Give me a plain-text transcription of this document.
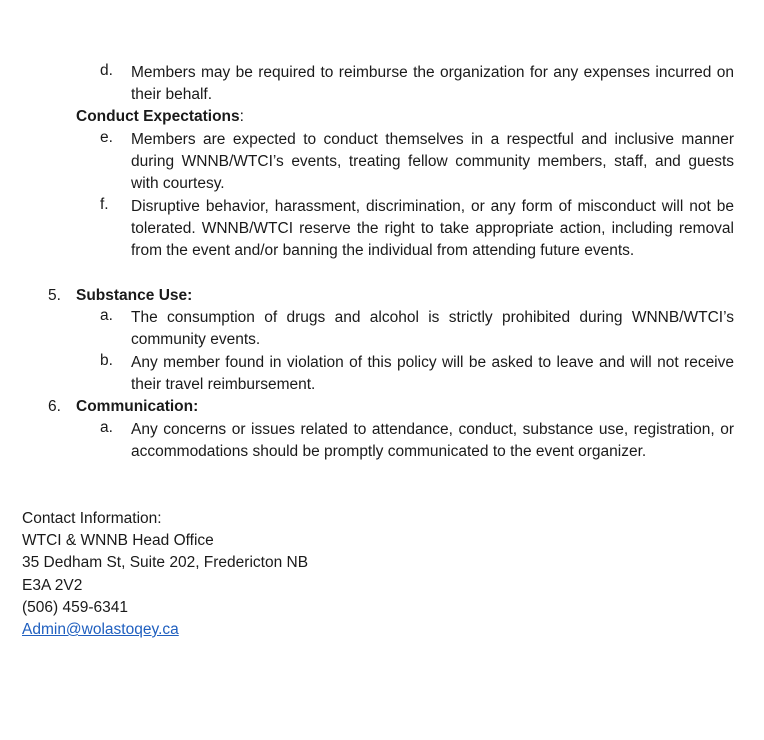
d.	Members may be required to reimburse the organization for any expenses incurred on their behalf.
Conduct Expectations:
e.	Members are expected to conduct themselves in a respectful and inclusive manner during WNNB/WTCI’s events, treating fellow community members, staff, and guests with courtesy.
f.	Disruptive behavior, harassment, discrimination, or any form of misconduct will not be tolerated. WNNB/WTCI reserve the right to take appropriate action, including removal from the event and/or banning the individual from attending future events.
5. Substance Use:
a.	The consumption of drugs and alcohol is strictly prohibited during WNNB/WTCI’s community events.
b.	Any member found in violation of this policy will be asked to leave and will not receive their travel reimbursement.
6. Communication:
a.	Any concerns or issues related to attendance, conduct, substance use, registration, or accommodations should be promptly communicated to the event organizer.
Contact Information:
WTCI & WNNB Head Office
35 Dedham St, Suite 202, Fredericton NB
E3A 2V2
(506) 459-6341
Admin@wolastoqey.ca
